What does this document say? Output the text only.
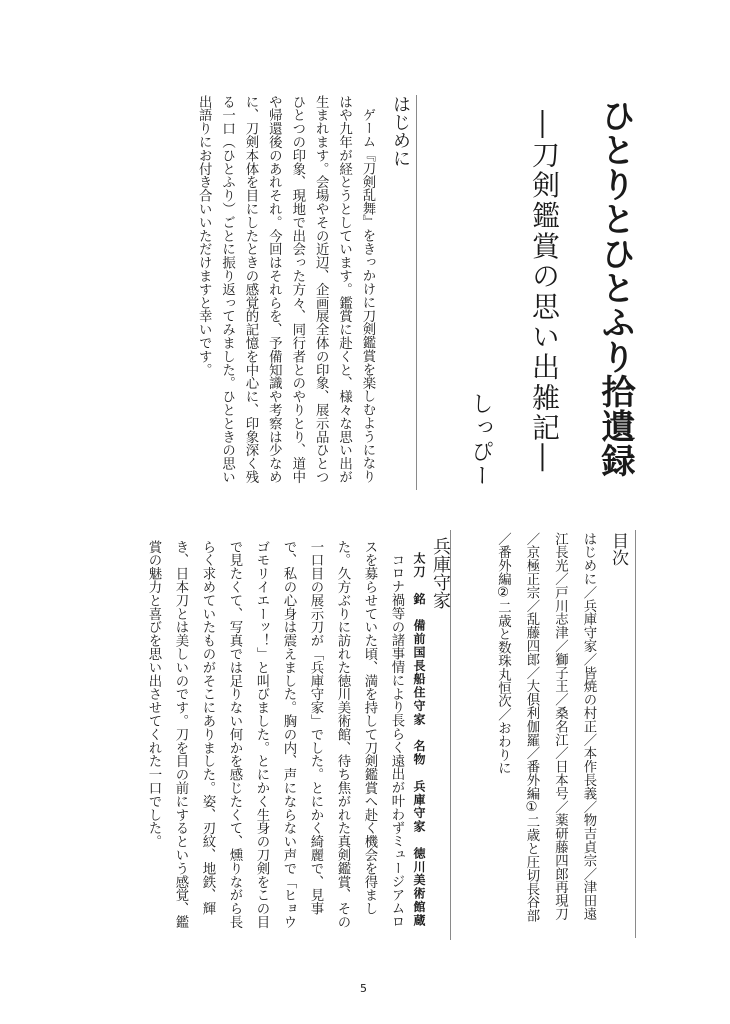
ひとりとひとふり拾遺録
―刀剣鑑賞の思い出雑記―
しっぴー
はじめに
ゲーム『刀剣乱舞』をきっかけに刀剣鑑賞を楽しむようになり
はや九年が経とうとしています。鑑賞に赴くと、様々な思い出が
生まれます。会場やその近辺、企画展全体の印象、展示品ひとつ
ひとつの印象、現地で出会った方々、同行者とのやりとり、道中
や帰還後のあれそれ。今回はそれらを、予備知識や考察は少なめ
に、刀剣本体を目にしたときの感覚的記憶を中心に、印象深く残
る一口（ひとふり）ごとに振り返ってみました。ひとときの思い
出語りにお付き合いいただけますと幸いです。
目次
はじめに／兵庫守家／皆焼の村正／本作長義／物吉貞宗／津田遠
江長光／戸川志津／獅子王／桑名江／日本号／薬研藤四郎再現刀
／京極正宗／乱藤四郎／大倶利伽羅／番外編①二歳と圧切長谷部
／番外編②二歳と数珠丸恒次／おわりに
兵庫守家
太刀　銘　備前国長船住守家　名物　兵庫守家　徳川美術館蔵
コロナ禍等の諸事情により長らく遠出が叶わずミュージアムロ
スを募らせていた頃、満を持して刀剣鑑賞へ赴く機会を得まし
た。久方ぶりに訪れた徳川美術館、待ち焦がれた真剣鑑賞、その
一口目の展示刀が「兵庫守家」でした。とにかく綺麗で、見事
で、私の心身は震えました。胸の内、声にならない声で「ヒョウ
ゴモリイエーッ！」と叫びました。とにかく生身の刀剣をこの目
で見たくて、写真では足りない何かを感じたくて、燻りながら長
らく求めていたものがそこにありました。姿、刃紋、地鉄、輝
き、日本刀とは美しいのです。刀を目の前にするという感覚、鑑
賞の魅力と喜びを思い出させてくれた一口でした。
5
